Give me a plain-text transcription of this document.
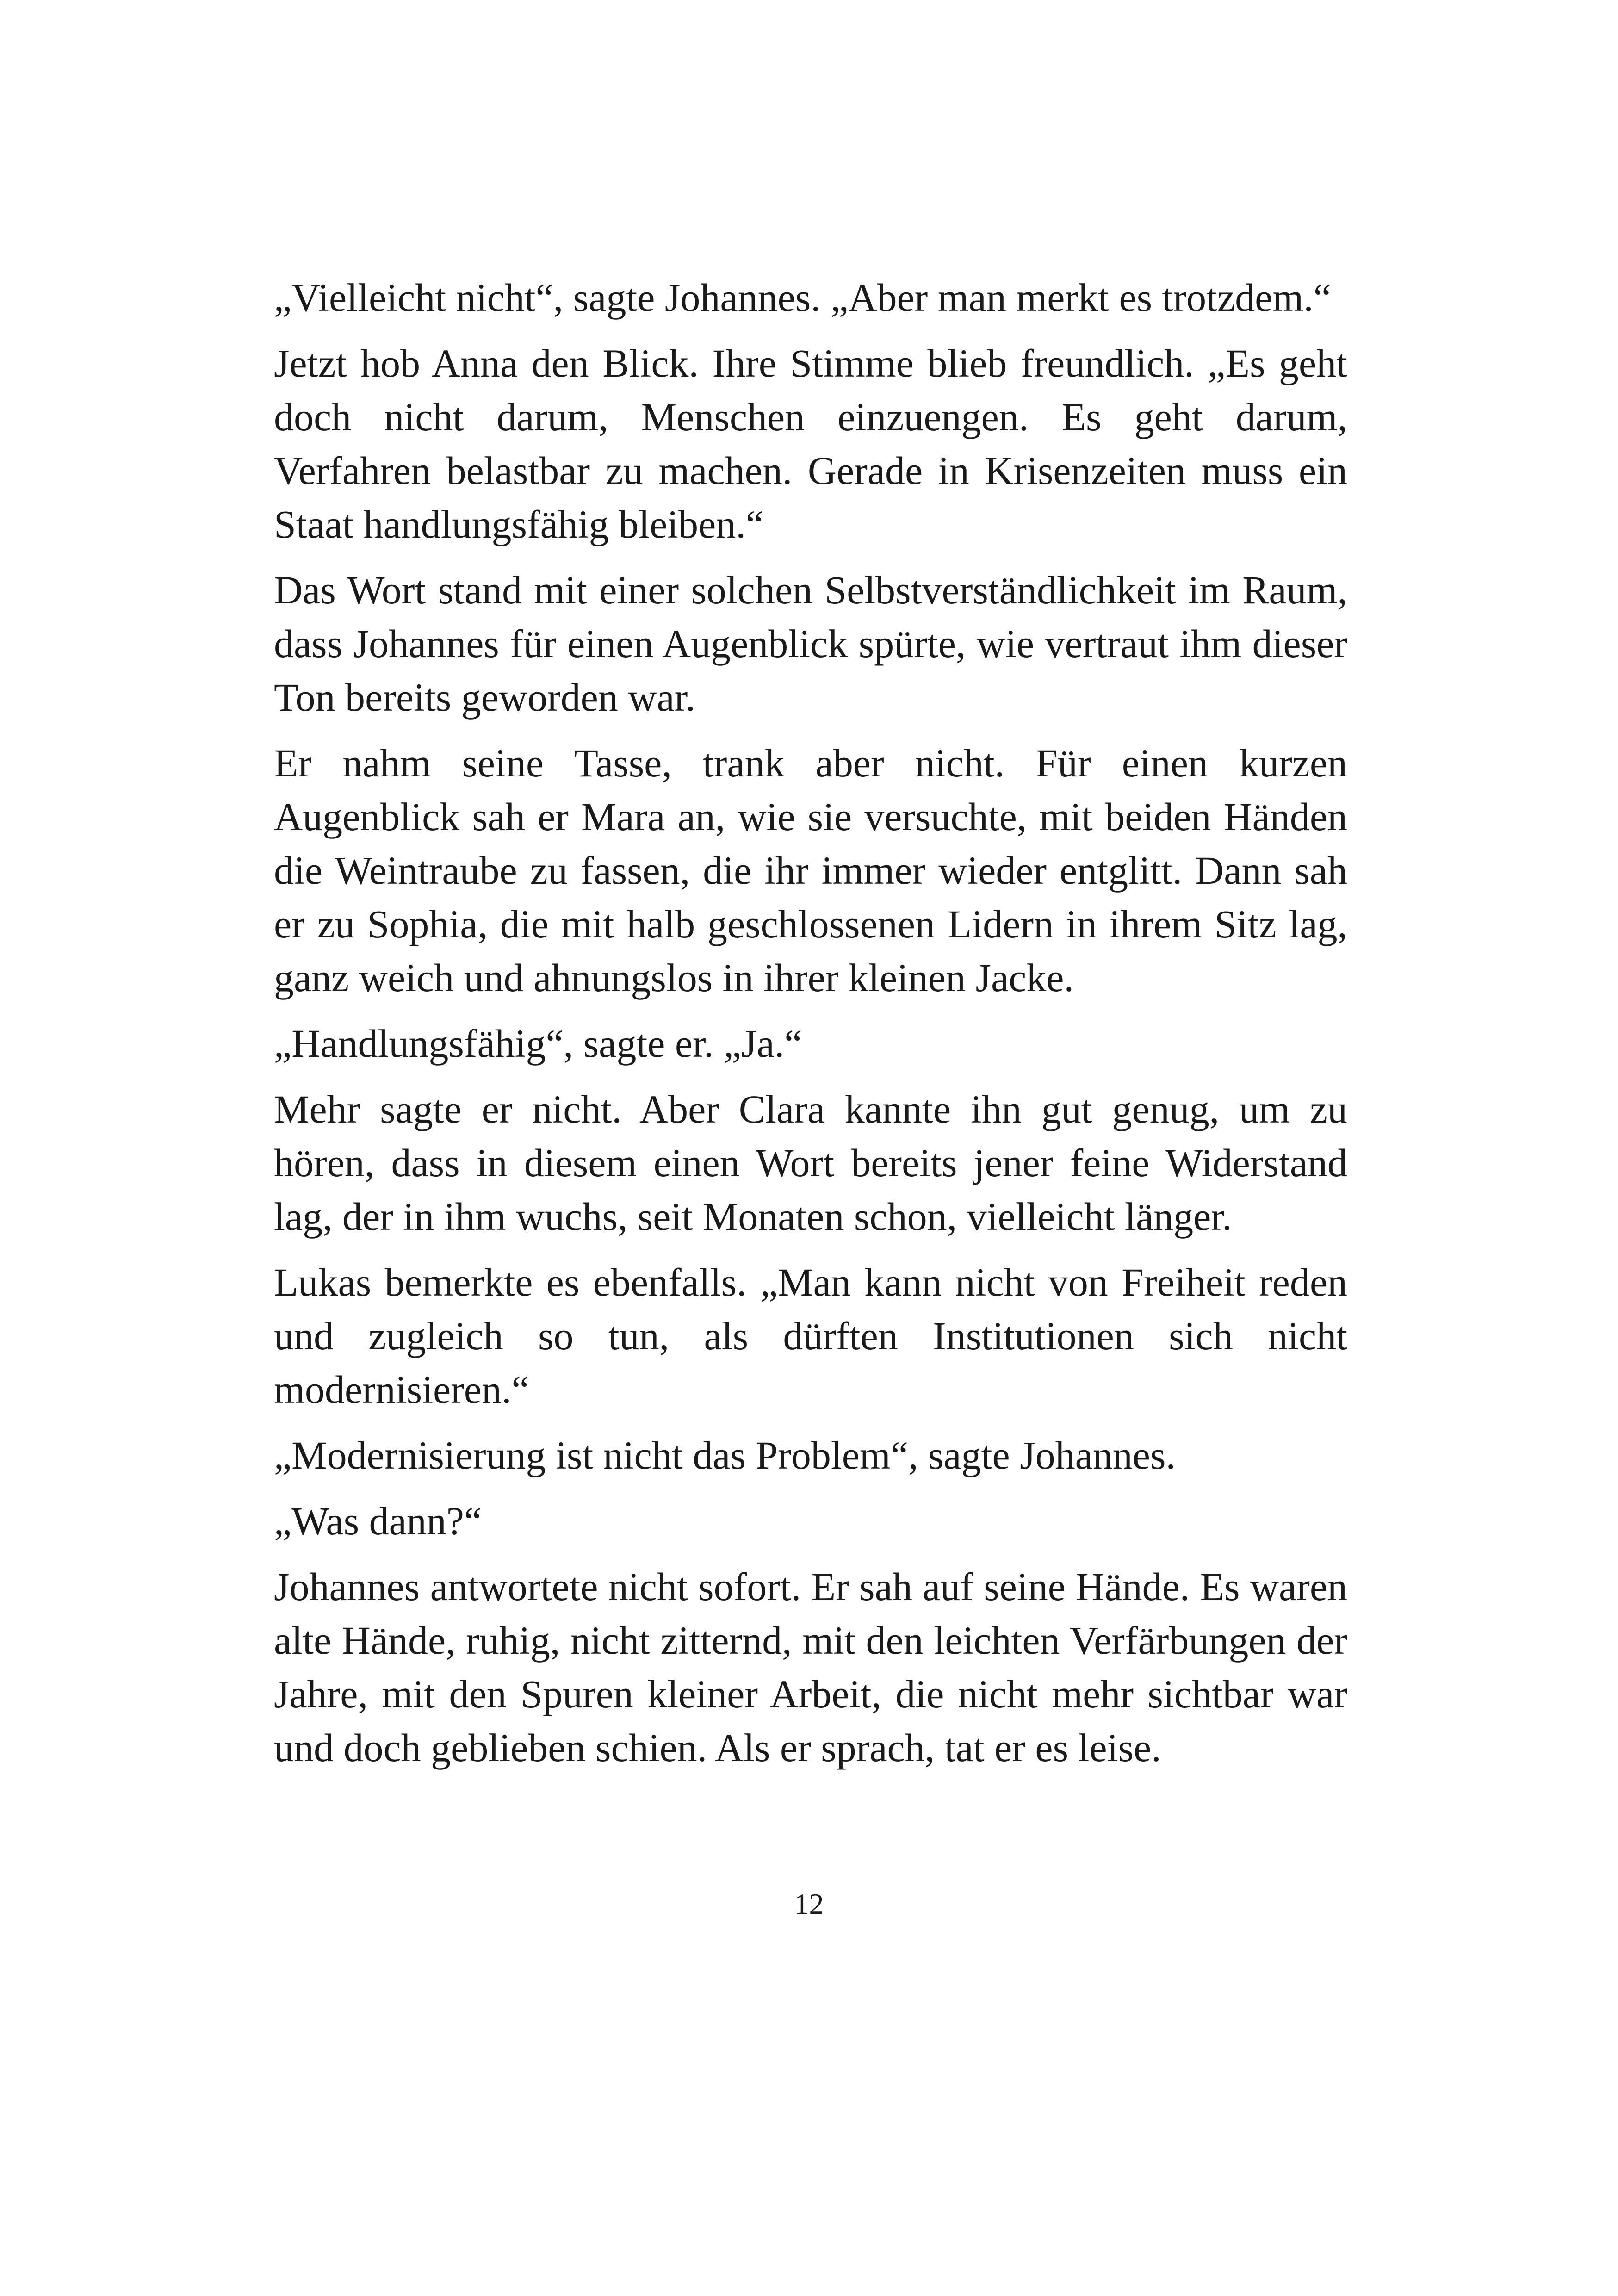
„Vielleicht nicht“, sagte Johannes. „Aber man merkt es trotzdem.“

Jetzt hob Anna den Blick. Ihre Stimme blieb freundlich. „Es geht doch nicht darum, Menschen einzuengen. Es geht darum, Verfahren belastbar zu machen. Gerade in Krisenzeiten muss ein Staat handlungsfähig bleiben.“

Das Wort stand mit einer solchen Selbstverständlichkeit im Raum, dass Johannes für einen Augenblick spürte, wie vertraut ihm dieser Ton bereits geworden war.

Er nahm seine Tasse, trank aber nicht. Für einen kurzen Augenblick sah er Mara an, wie sie versuchte, mit beiden Händen die Weintraube zu fassen, die ihr immer wieder entglitt. Dann sah er zu Sophia, die mit halb geschlossenen Lidern in ihrem Sitz lag, ganz weich und ahnungslos in ihrer kleinen Jacke.

„Handlungsfähig“, sagte er. „Ja.“

Mehr sagte er nicht. Aber Clara kannte ihn gut genug, um zu hören, dass in diesem einen Wort bereits jener feine Widerstand lag, der in ihm wuchs, seit Monaten schon, vielleicht länger.

Lukas bemerkte es ebenfalls. „Man kann nicht von Freiheit reden und zugleich so tun, als dürften Institutionen sich nicht modernisieren.“

„Modernisierung ist nicht das Problem“, sagte Johannes.

„Was dann?“

Johannes antwortete nicht sofort. Er sah auf seine Hände. Es waren alte Hände, ruhig, nicht zitternd, mit den leichten Verfärbungen der Jahre, mit den Spuren kleiner Arbeit, die nicht mehr sichtbar war und doch geblieben schien. Als er sprach, tat er es leise.

12
